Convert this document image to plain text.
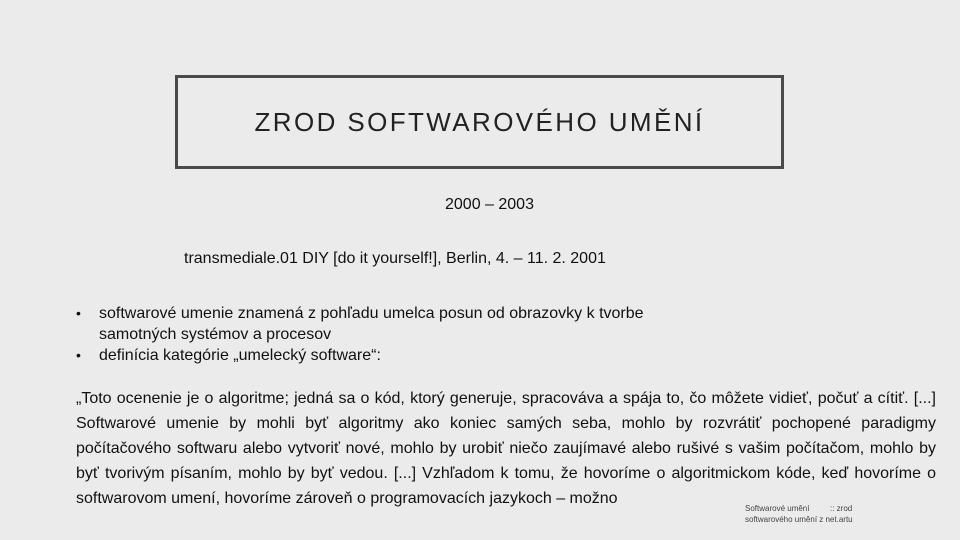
ZROD SOFTWAROVÉHO UMĚNÍ
2000 – 2003
transmediale.01 DIY [do it yourself!], Berlin, 4. – 11. 2. 2001
• softwarové umenie znamená z pohľadu umelca posun od obrazovky k tvorbe samotných systémov a procesov
• definícia kategórie „umelecký software“:

„Toto ocenenie je o algoritme; jedná sa o kód, ktorý generuje, spracováva a spája to, čo môžete vidieť, počuť a cítiť. [...] Softwarové umenie by mohli byť algoritmy ako koniec samých seba, mohlo by rozvrátiť pochopené paradigmy počítačového softwaru alebo vytvoriť nové, mohlo by urobiť niečo zaujímavé alebo rušivé s vašim počítačom, mohlo by byť tvorivým písaním, mohlo by byť vedou. [...] Vzhľadom k tomu, že hovoríme o algoritmickom kóde, keď hovoríme o softwarovom umení, hovoríme zároveň o programovacích jazykoch – možno

Softwarové umění	:: zrod
softwarového umění z net.artu
